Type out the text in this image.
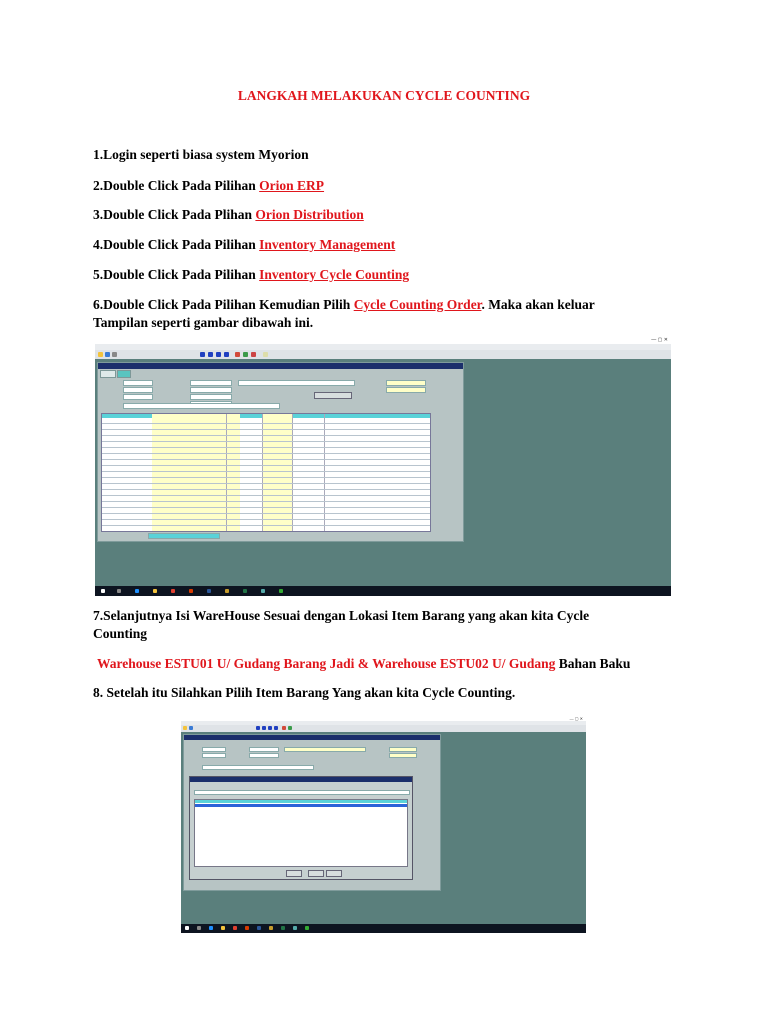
LANGKAH MELAKUKAN CYCLE COUNTING
1.Login seperti biasa system Myorion
2.Double Click Pada Pilihan Orion ERP
3.Double Click Pada Plihan Orion Distribution
4.Double Click Pada Pilihan Inventory Management
5.Double Click Pada Pilihan Inventory Cycle Counting
6.Double Click Pada Pilihan Kemudian Pilih Cycle Counting Order. Maka akan keluar
Tampilan seperti gambar dibawah ini.
— ▢ ✕

7.Selanjutnya Isi WareHouse Sesuai dengan Lokasi Item Barang yang akan kita Cycle
Counting
Warehouse ESTU01 U/ Gudang Barang Jadi & Warehouse ESTU02 U/ Gudang Bahan Baku
8. Setelah itu Silahkan Pilih Item Barang Yang akan kita Cycle Counting.
— ▢ ✕
